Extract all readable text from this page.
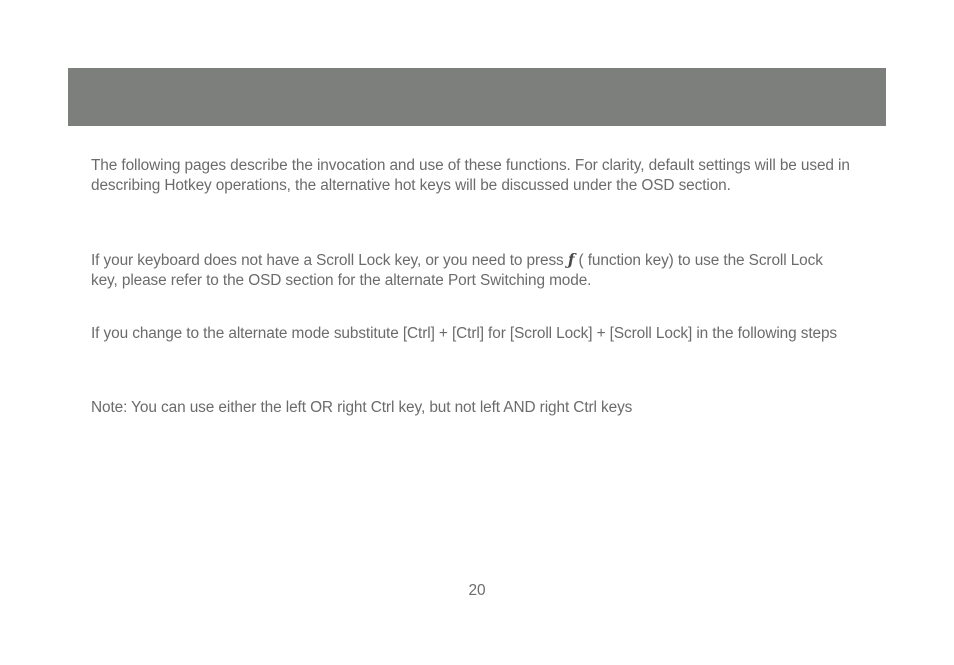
The following pages describe the invocation and use of these functions. For clarity, default settings will be used in describing Hotkey operations, the alternative hot keys will be discussed under the OSD section.

If your keyboard does not have a Scroll Lock key, or you need to press ƒ ( function key) to use the Scroll Lock key, please refer to the OSD section for the alternate Port Switching mode.

If you change to the alternate mode substitute [Ctrl] + [Ctrl] for [Scroll Lock] + [Scroll Lock] in the following steps

Note: You can use either the left OR right Ctrl key, but not left AND right Ctrl keys

20
